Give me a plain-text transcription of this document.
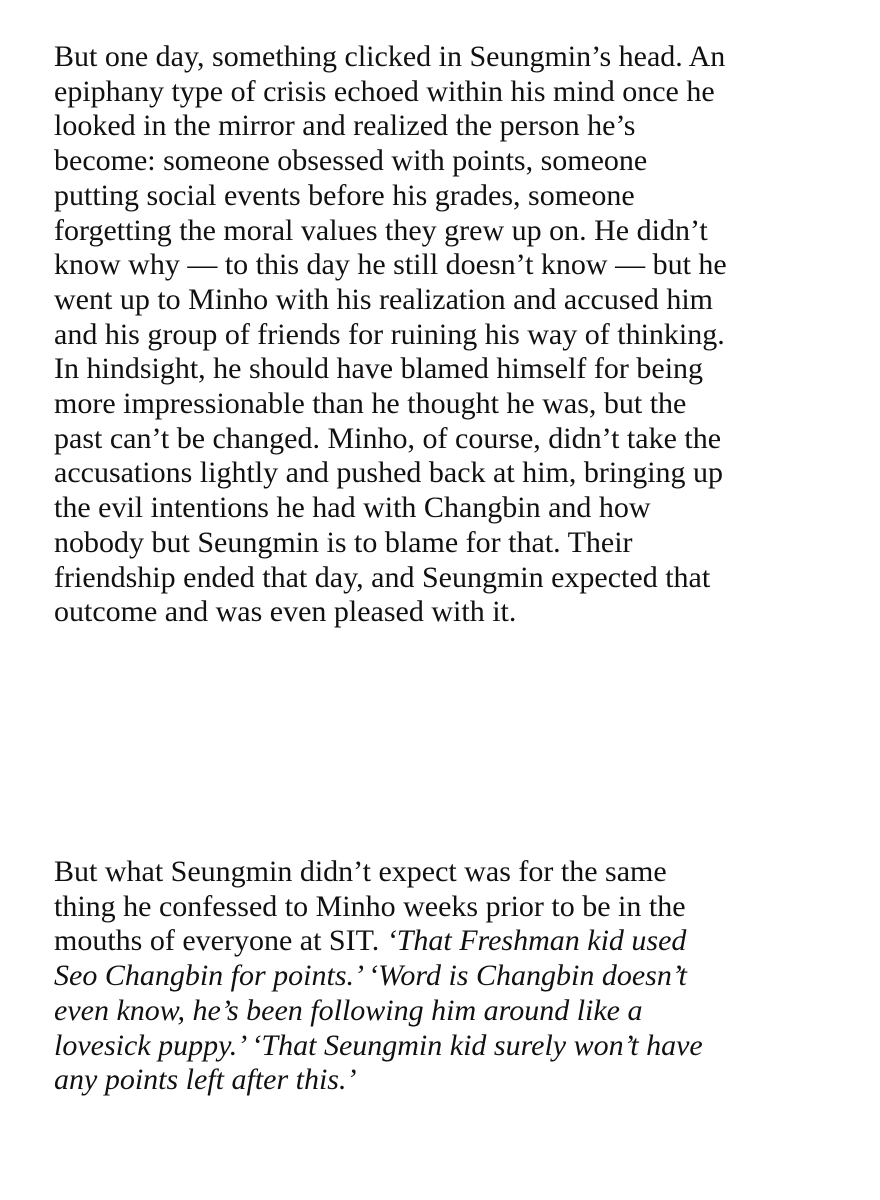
But one day, something clicked in Seungmin’s head. An
epiphany type of crisis echoed within his mind once he
looked in the mirror and realized the person he’s
become: someone obsessed with points, someone
putting social events before his grades, someone
forgetting the moral values they grew up on. He didn’t
know why — to this day he still doesn’t know — but he
went up to Minho with his realization and accused him
and his group of friends for ruining his way of thinking.
In hindsight, he should have blamed himself for being
more impressionable than he thought he was, but the
past can’t be changed. Minho, of course, didn’t take the
accusations lightly and pushed back at him, bringing up
the evil intentions he had with Changbin and how
nobody but Seungmin is to blame for that. Their
friendship ended that day, and Seungmin expected that
outcome and was even pleased with it.

But what Seungmin didn’t expect was for the same
thing he confessed to Minho weeks prior to be in the
mouths of everyone at SIT. ‘That Freshman kid used
Seo Changbin for points.’ ‘Word is Changbin doesn’t
even know, he’s been following him around like a
lovesick puppy.’ ‘That Seungmin kid surely won’t have
any points left after this.’
